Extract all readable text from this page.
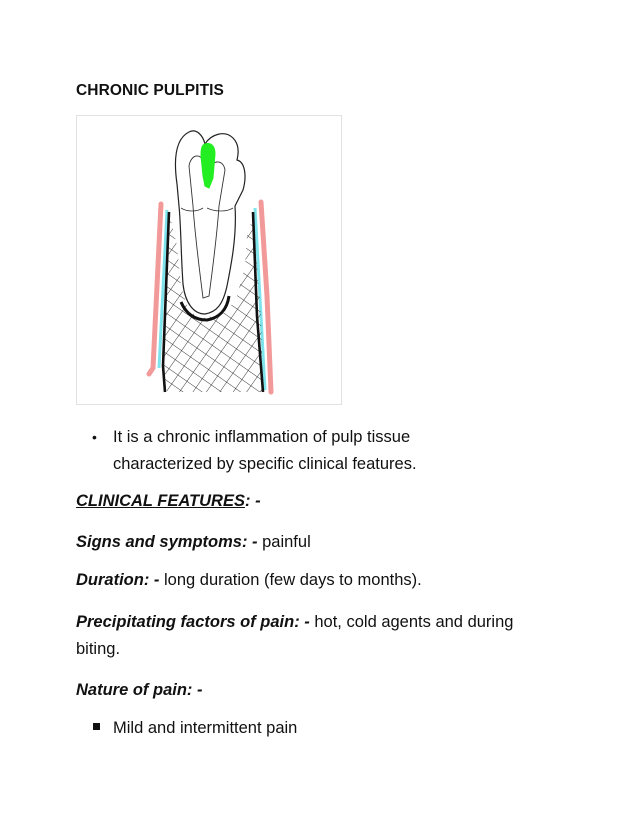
CHRONIC PULPITIS
• It is a chronic inflammation of pulp tissue characterized by specific clinical features.
CLINICAL FEATURES: -
Signs and symptoms: - painful
Duration: - long duration (few days to months).
Precipitating factors of pain: - hot, cold agents and during biting.
Nature of pain: -
Mild and intermittent pain
